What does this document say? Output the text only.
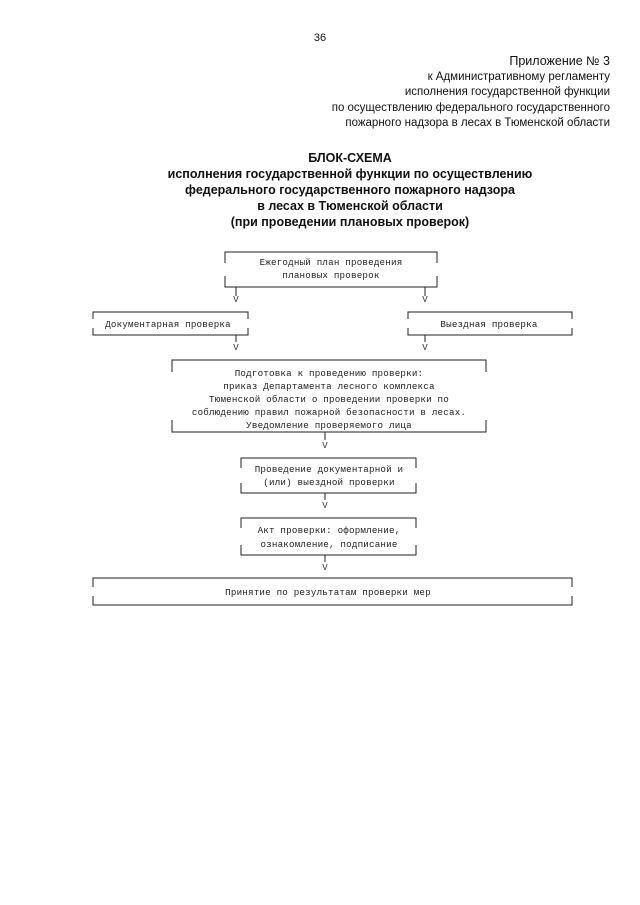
36
Приложение № 3
к Административному регламенту
исполнения государственной функции
по осуществлению федерального государственного
пожарного надзора в лесах в Тюменской области
БЛОК-СХЕМА
исполнения государственной функции по осуществлению
федерального государственного пожарного надзора
в лесах в Тюменской области
(при проведении плановых проверок)
V	V
V	V
V
V
V
Ежегодный план проведения
плановых проверок
Документарная проверка	Выездная проверка
Подготовка к проведению проверки:
приказ Департамента лесного комплекса
Тюменской области о проведении проверки по
соблюдению правил пожарной безопасности в лесах.
Уведомление проверяемого лица
Проведение документарной и
(или) выездной проверки
Акт проверки: оформление,
ознакомление, подписание
Принятие по результатам проверки мер
